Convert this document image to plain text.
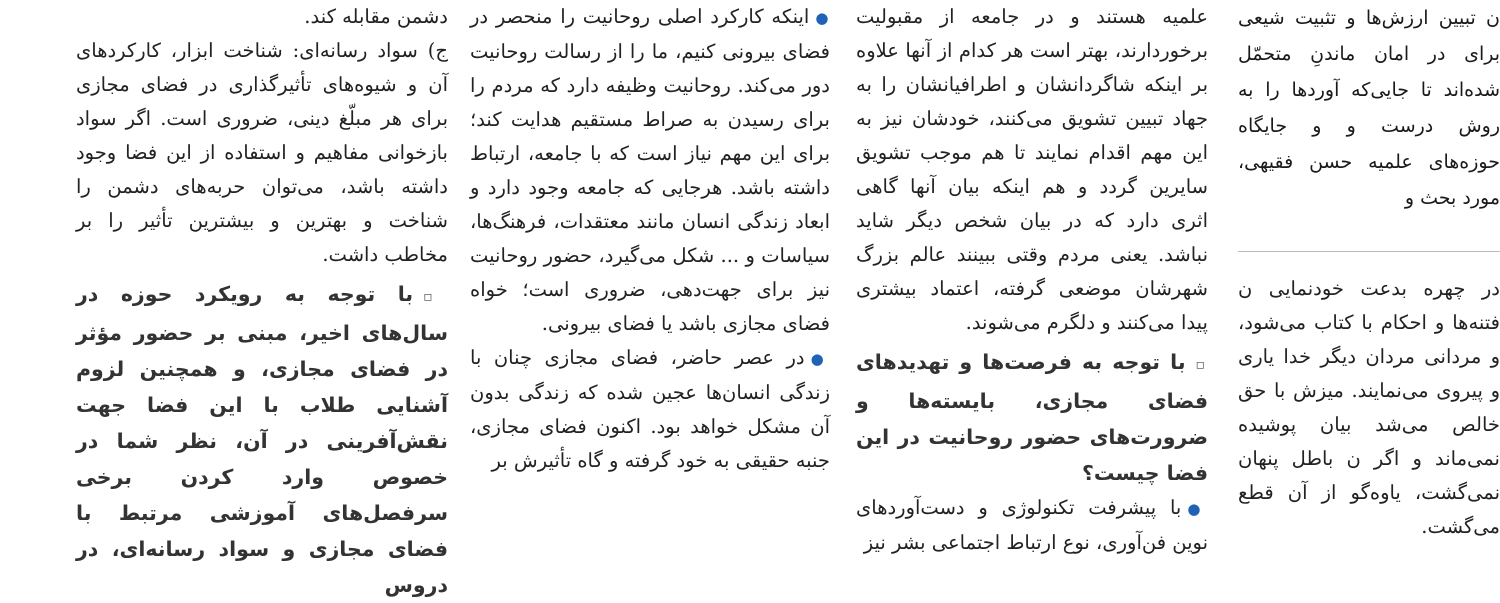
ن تبیین ارزش‌ها و تثبیت شیعی برای در امان ماندنِ متحمّل شده‌اند تا جایی‌که آوردها را به روش درست و و جایگاه حوزه‌های علمیه حسن فقیهی، مورد بحث و

در چهره بدعت خودنمایی ن فتنه‌ها و احکام با کتاب می‌شود، و مردانی مردان دیگر خدا یاری و پیروی می‌نمایند. میزش با حق خالص می‌شد بیان پوشیده نمی‌ماند و اگر ن باطل پنهان نمی‌گشت، یاوه‌گو از آن قطع می‌گشت.

علمیه هستند و در جامعه از مقبولیت برخوردارند، بهتر است هر کدام از آنها علاوه بر اینکه شاگردانشان و اطرافیانشان را به جهاد تبیین تشویق می‌کنند، خودشان نیز به این مهم اقدام نمایند تا هم موجب تشویق سایرین گردد و هم اینکه بیان آنها گاهی اثری دارد که در بیان شخص دیگر شاید نباشد. یعنی مردم وقتی ببینند عالم بزرگ شهرشان موضعی گرفته، اعتماد بیشتری پیدا می‌کنند و دلگرم می‌شوند.

▫با توجه به فرصت‌ها و تهدیدهای فضای مجازی، بایسته‌ها و ضرورت‌های حضور روحانیت در این فضا چیست؟

●با پیشرفت تکنولوژی و دست‌آوردهای نوین فن‌آوری، نوع ارتباط اجتماعی بشر نیز

●اینکه کارکرد اصلی روحانیت را منحصر در فضای بیرونی کنیم، ما را از رسالت روحانیت دور می‌کند. روحانیت وظیفه دارد که مردم را برای رسیدن به صراط مستقیم هدایت کند؛ برای این مهم نیاز است که با جامعه، ارتباط داشته باشد. هرجایی که جامعه وجود دارد و ابعاد زندگی انسان مانند معتقدات، فرهنگ‌ها، سیاسات و ... شکل می‌گیرد، حضور روحانیت نیز برای جهت‌دهی، ضروری است؛ خواه فضای مجازی باشد یا فضای بیرونی.

●در عصر حاضر، فضای مجازی چنان با زندگی انسان‌ها عجین شده که زندگی بدون آن مشکل خواهد بود. اکنون فضای مجازی، جنبه حقیقی به خود گرفته و گاه تأثیرش بر

دشمن مقابله کند.

ج) سواد رسانه‌ای: شناخت ابزار، کارکردهای آن و شیوه‌های تأثیرگذاری در فضای مجازی برای هر مبلّغ دینی، ضروری است. اگر سواد بازخوانی مفاهیم و استفاده از این فضا وجود داشته باشد، می‌توان حربه‌های دشمن را شناخت و بهترین و بیشترین تأثیر را بر مخاطب داشت.

▫با توجه به رویکرد حوزه در سال‌های اخیر، مبنی بر حضور مؤثر در فضای مجازی، و همچنین لزوم آشنایی طلاب با این فضا جهت نقش‌آفرینی در آن، نظر شما در خصوص وارد کردن برخی سرفصل‌های آموزشی مرتبط با فضای مجازی و سواد رسانه‌ای، در دروس
